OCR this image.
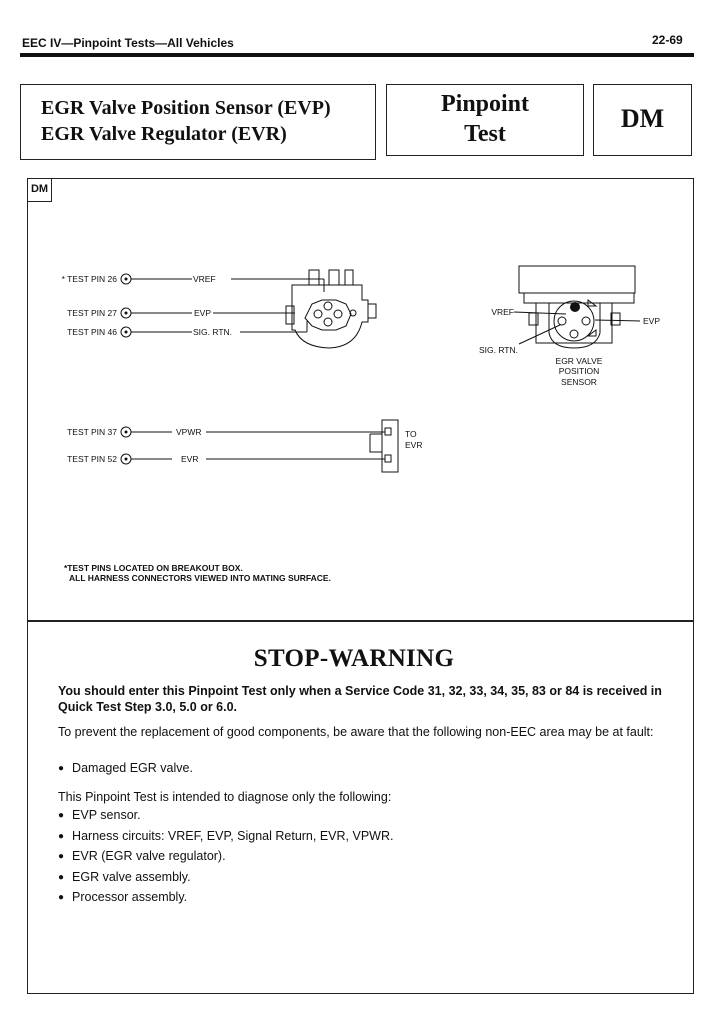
EEC IV—Pinpoint Tests—All Vehicles	22-69
EGR Valve Position Sensor (EVP)
EGR Valve Regulator (EVR)
Pinpoint
Test
DM
DM
* TEST PIN 26
TEST PIN 27
TEST PIN 46
TEST PIN 37
TEST PIN 52
VREF
EVP
SIG. RTN.
VPWR
EVR
TO
EVR
VREF
EVP
SIG. RTN.
EGR VALVE
POSITION
SENSOR
*TEST PINS LOCATED ON BREAKOUT BOX.
ALL HARNESS CONNECTORS VIEWED INTO MATING SURFACE.
STOP-WARNING
You should enter this Pinpoint Test only when a Service Code 31, 32, 33, 34, 35, 83 or 84 is received in Quick Test Step 3.0, 5.0 or 6.0.
To prevent the replacement of good components, be aware that the following non-EEC area may be at fault:
● Damaged EGR valve.
This Pinpoint Test is intended to diagnose only the following:
● EVP sensor.
● Harness circuits: VREF, EVP, Signal Return, EVR, VPWR.
● EVR (EGR valve regulator).
● EGR valve assembly.
● Processor assembly.
